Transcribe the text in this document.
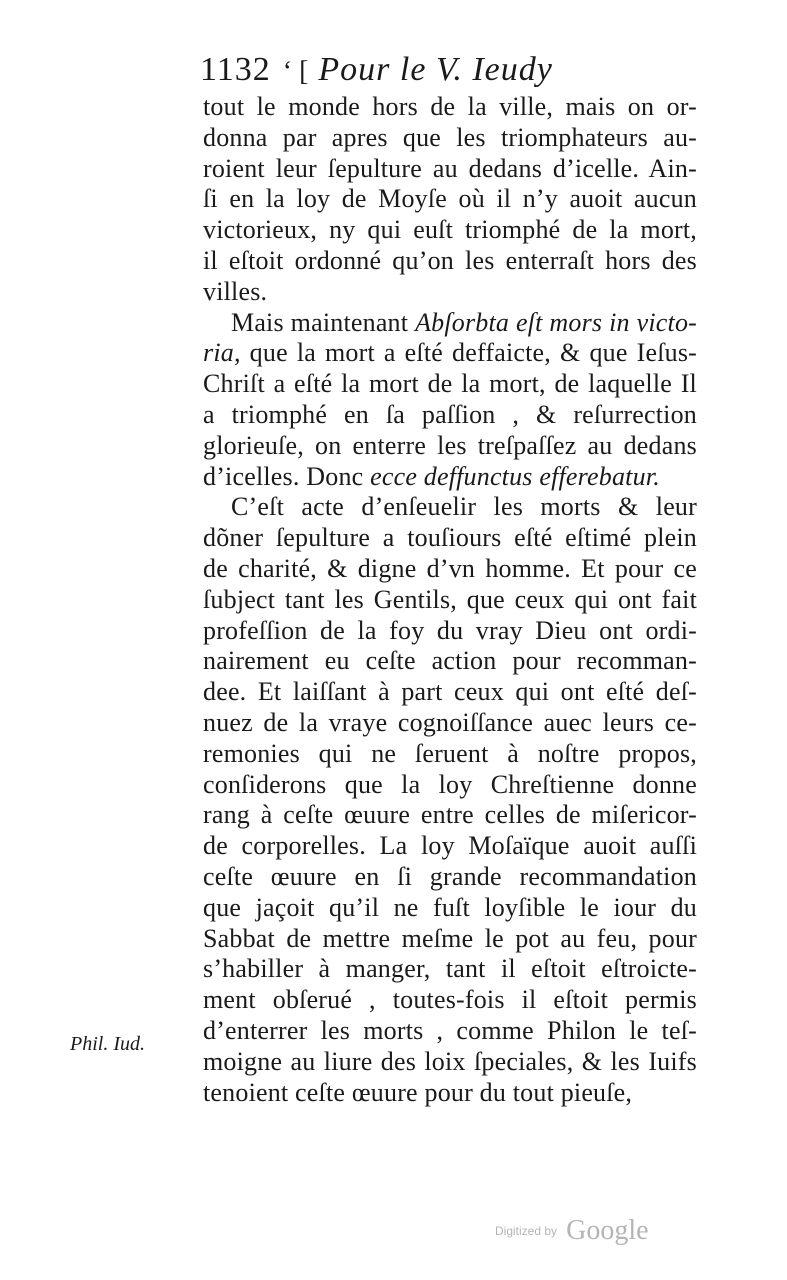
1132 ‘ [ Pour le V. Ieudy
tout le monde hors de la ville, mais on or-
donna par apres que les triomphateurs au-
roient leur ſepulture au dedans d’icelle. Ain-
ſi en la loy de Moyſe où il n’y auoit aucun
victorieux, ny qui euſt triomphé de la mort,
il eſtoit ordonné qu’on les enterraſt hors des
villes.
Mais maintenant Abſorbta eſt mors in victo-
ria, que la mort a eſté deffaicte, & que Ieſus-
Chriſt a eſté la mort de la mort, de laquelle Il
a triomphé en ſa paſſion , & reſurrection
glorieuſe, on enterre les treſpaſſez au dedans
d’icelles. Donc ecce deffunctus efferebatur.
C’eſt acte d’enſeuelir les morts & leur
dõner ſepulture a touſiours eſté eſtimé plein
de charité, & digne d’vn homme. Et pour ce
ſubject tant les Gentils, que ceux qui ont fait
profeſſion de la foy du vray Dieu ont ordi-
nairement eu ceſte action pour recomman-
dee. Et laiſſant à part ceux qui ont eſté deſ-
nuez de la vraye cognoiſſance auec leurs ce-
remonies qui ne ſeruent à noſtre propos,
conſiderons que la loy Chreſtienne donne
rang à ceſte œuure entre celles de miſericor-
de corporelles. La loy Moſaïque auoit auſſi
ceſte œuure en ſi grande recommandation
que jaçoit qu’il ne fuſt loyſible le iour du
Sabbat de mettre meſme le pot au feu, pour
s’habiller à manger, tant il eſtoit eſtroicte-
ment obſerué , toutes-fois il eſtoit permis
d’enterrer les morts , comme Philon le teſ-
moigne au liure des loix ſpeciales, & les Iuifs
tenoient ceſte œuure pour du tout pieuſe,
Phil. Iud.
Digitized by Google
